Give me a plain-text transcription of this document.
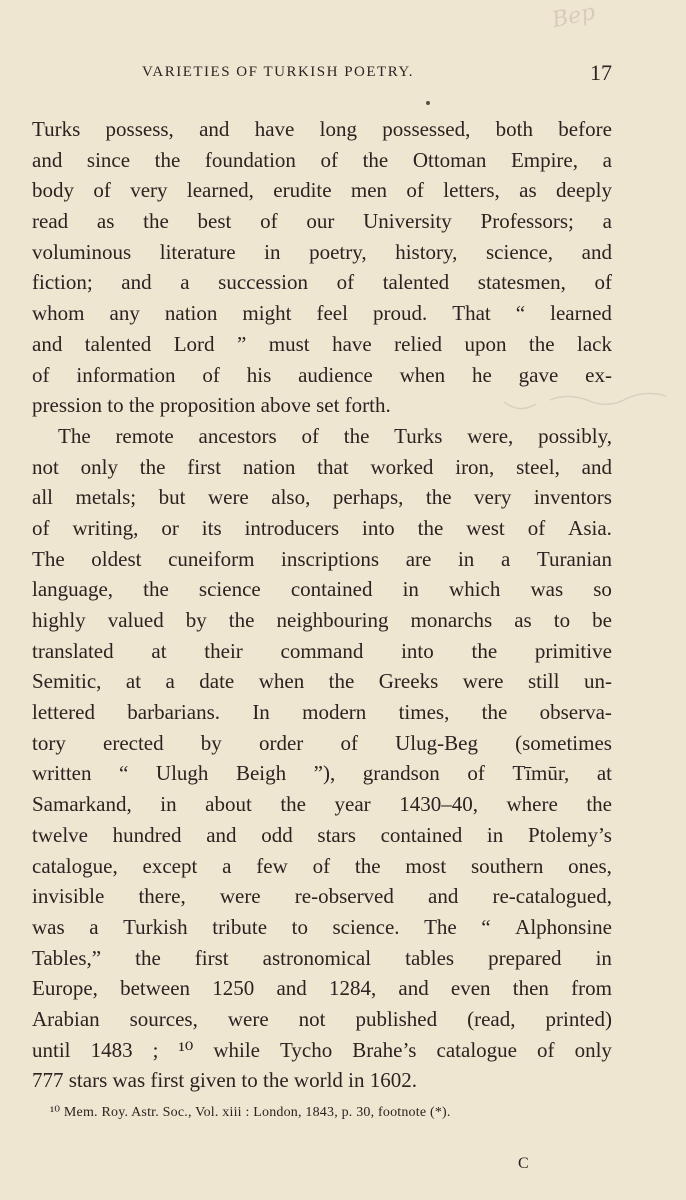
Bep
VARIETIES OF TURKISH POETRY.	17
Turks possess, and have long possessed, both before
and since the foundation of the Ottoman Empire, a
body of very learned, erudite men of letters, as deeply
read as the best of our University Professors; a
voluminous literature in poetry, history, science, and
fiction; and a succession of talented statesmen, of
whom any nation might feel proud. That “ learned
and talented Lord ” must have relied upon the lack
of information of his audience when he gave ex-
pression to the proposition above set forth.
The remote ancestors of the Turks were, possibly,
not only the first nation that worked iron, steel, and
all metals; but were also, perhaps, the very inventors
of writing, or its introducers into the west of Asia.
The oldest cuneiform inscriptions are in a Turanian
language, the science contained in which was so
highly valued by the neighbouring monarchs as to be
translated at their command into the primitive
Semitic, at a date when the Greeks were still un-
lettered barbarians. In modern times, the observa-
tory erected by order of Ulug-Beg (sometimes
written “ Ulugh Beigh ”), grandson of Tīmūr, at
Samarkand, in about the year 1430–40, where the
twelve hundred and odd stars contained in Ptolemy’s
catalogue, except a few of the most southern ones,
invisible there, were re-observed and re-catalogued,
was a Turkish tribute to science. The “ Alphonsine
Tables,” the first astronomical tables prepared in
Europe, between 1250 and 1284, and even then from
Arabian sources, were not published (read, printed)
until 1483 ; ¹⁰ while Tycho Brahe’s catalogue of only
777 stars was first given to the world in 1602.
¹⁰ Mem. Roy. Astr. Soc., Vol. xiii : London, 1843, p. 30, footnote (*).
C
